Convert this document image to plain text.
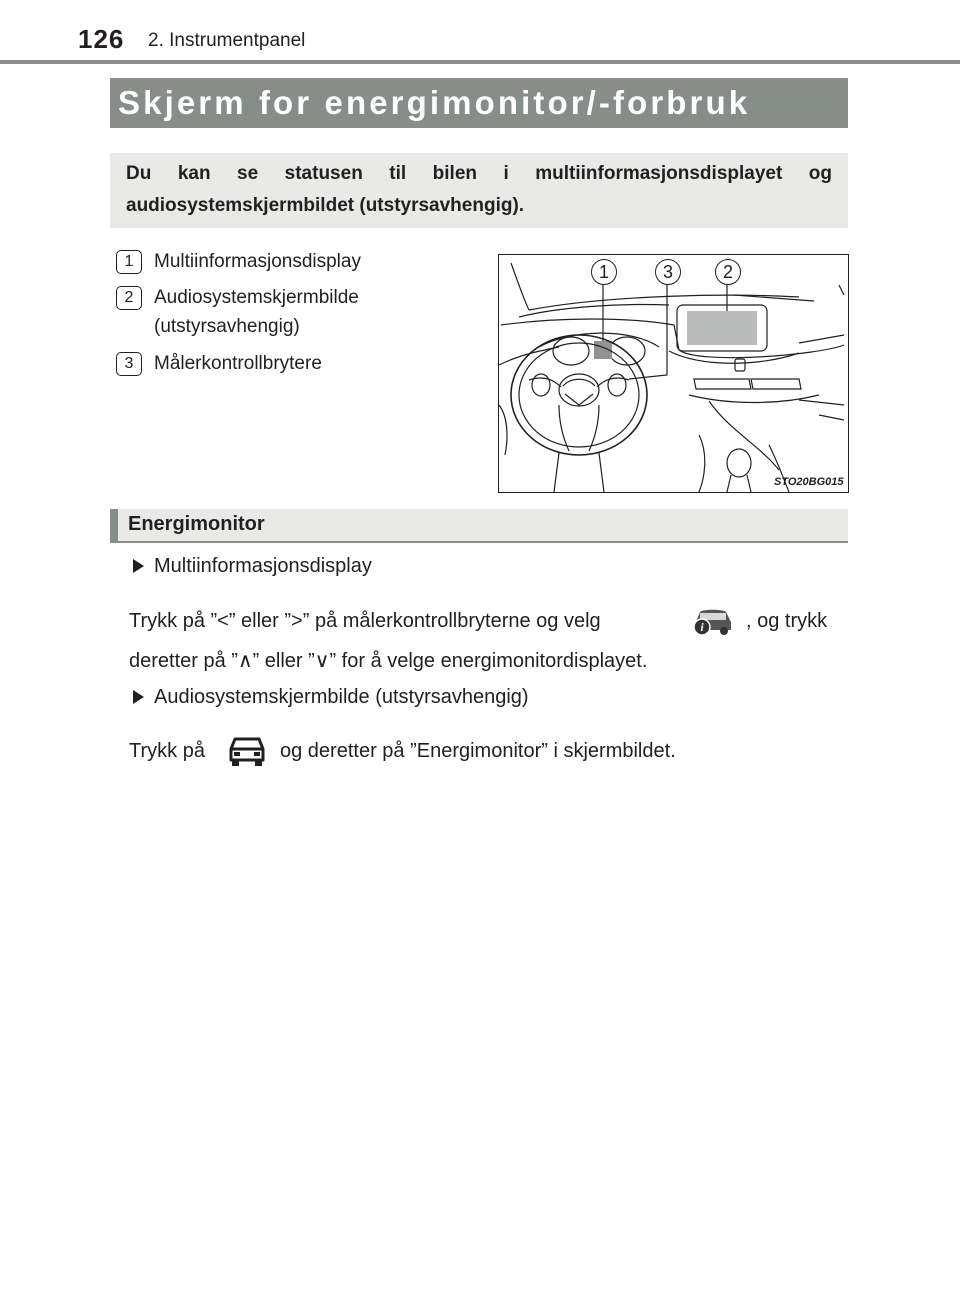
126 2. Instrumentpanel
Skjerm for energimonitor/-forbruk
Du kan se statusen til bilen i multiinformasjonsdisplayet og audiosystemskjermbildet (utstyrsavhengig).
1	Multiinformasjonsdisplay
2	Audiosystemskjermbilde
(utstyrsavhengig)
3	Målerkontrollbrytere
1	3	2
STO20BG015
Energimonitor
Multiinformasjonsdisplay
Trykk på ”<” eller ”>” på målerkontrollbryterne og velg	i , og trykk
deretter på ”∧” eller ”∨” for å velge energimonitordisplayet.
Audiosystemskjermbilde (utstyrsavhengig)
Trykk på	og deretter på ”Energimonitor” i skjermbildet.
